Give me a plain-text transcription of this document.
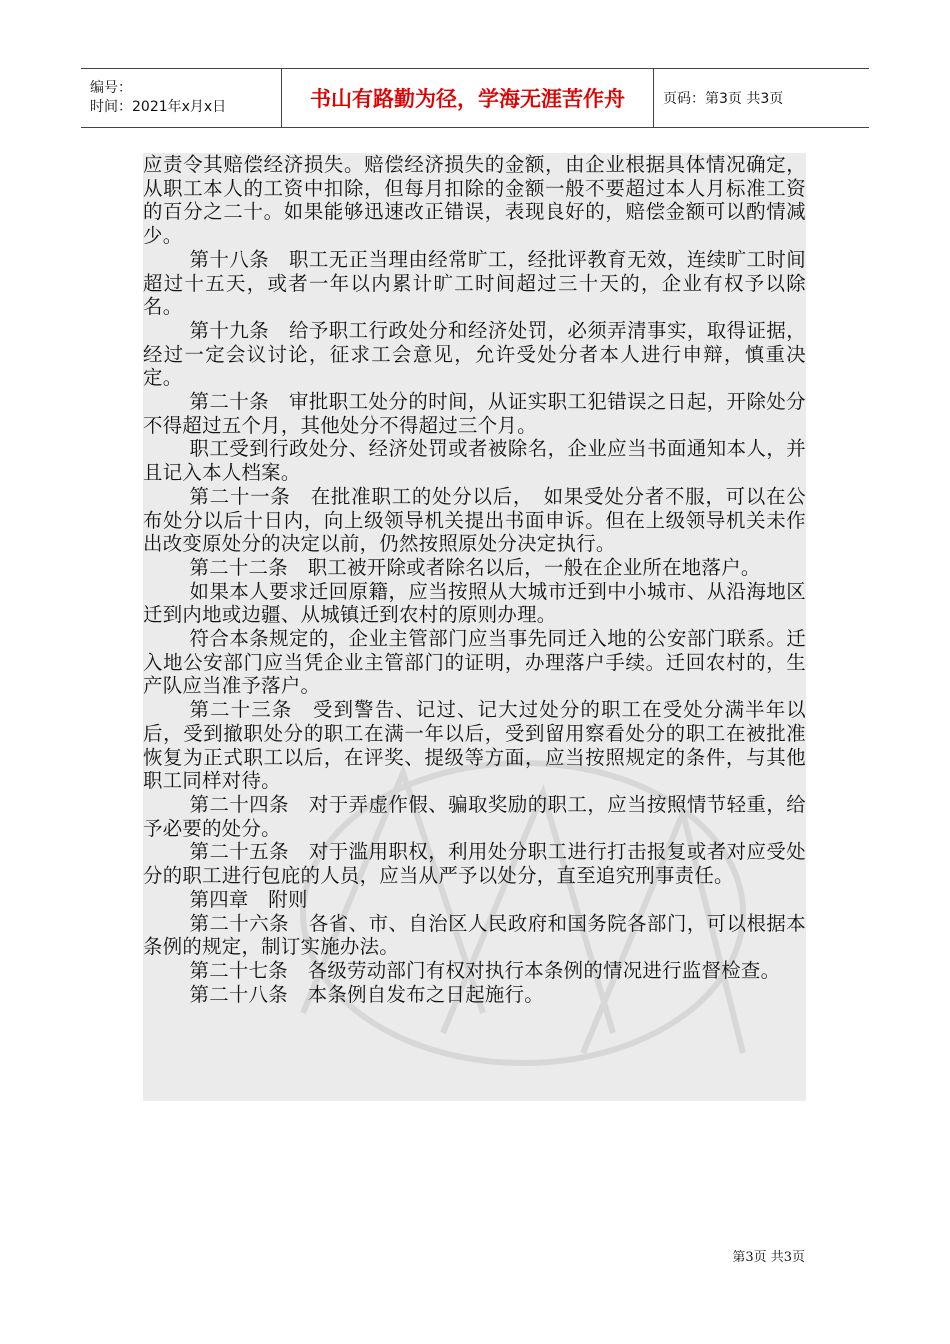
编号：
时间：2021年x月x日	书山有路勤为径，学海无涯苦作舟	页码：第3页 共3页

应责令其赔偿经济损失。赔偿经济损失的金额，由企业根据具体情况确定，从职工本人的工资中扣除，但每月扣除的金额一般不要超过本人月标准工资的百分之二十。如果能够迅速改正错误，表现良好的，赔偿金额可以酌情减少。

第十八条　职工无正当理由经常旷工，经批评教育无效，连续旷工时间超过十五天，或者一年以内累计旷工时间超过三十天的，企业有权予以除名。

第十九条　给予职工行政处分和经济处罚，必须弄清事实，取得证据，经过一定会议讨论，征求工会意见，允许受处分者本人进行申辩，慎重决定。

第二十条　审批职工处分的时间，从证实职工犯错误之日起，开除处分不得超过五个月，其他处分不得超过三个月。

职工受到行政处分、经济处罚或者被除名，企业应当书面通知本人，并且记入本人档案。

第二十一条　在批准职工的处分以后，　如果受处分者不服，可以在公布处分以后十日内，向上级领导机关提出书面申诉。但在上级领导机关未作出改变原处分的决定以前，仍然按照原处分决定执行。

第二十二条　职工被开除或者除名以后，一般在企业所在地落户。

如果本人要求迁回原籍，应当按照从大城市迁到中小城市、从沿海地区迁到内地或边疆、从城镇迁到农村的原则办理。

符合本条规定的，企业主管部门应当事先同迁入地的公安部门联系。迁入地公安部门应当凭企业主管部门的证明，办理落户手续。迁回农村的，生产队应当准予落户。

第二十三条　受到警告、记过、记大过处分的职工在受处分满半年以后，受到撤职处分的职工在满一年以后，受到留用察看处分的职工在被批准恢复为正式职工以后，在评奖、提级等方面，应当按照规定的条件，与其他职工同样对待。

第二十四条　对于弄虚作假、骗取奖励的职工，应当按照情节轻重，给予必要的处分。

第二十五条　对于滥用职权，利用处分职工进行打击报复或者对应受处分的职工进行包庇的人员，应当从严予以处分，直至追究刑事责任。

第四章　附则

第二十六条　各省、市、自治区人民政府和国务院各部门，可以根据本条例的规定，制订实施办法。

第二十七条　各级劳动部门有权对执行本条例的情况进行监督检查。

第二十八条　本条例自发布之日起施行。

第3页 共3页
